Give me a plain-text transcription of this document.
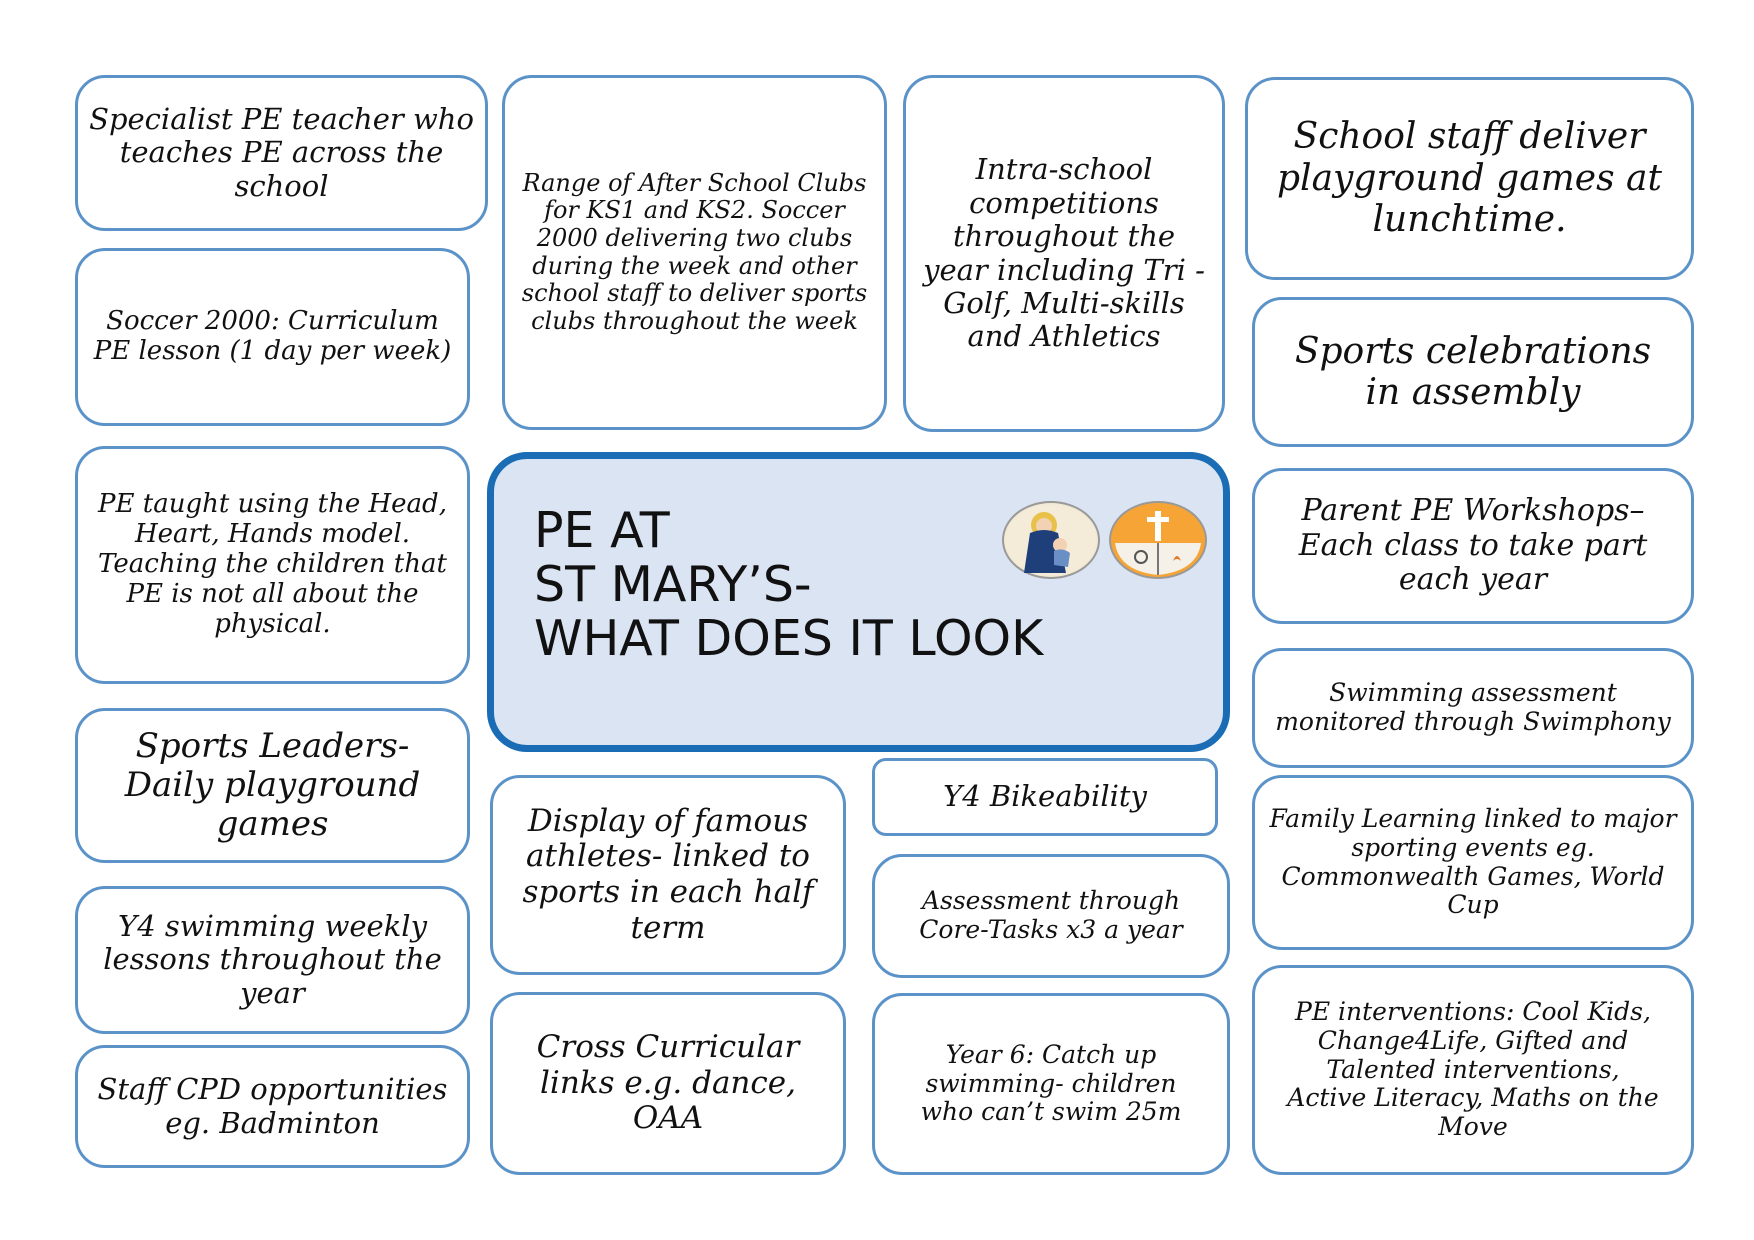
Specialist PE teacher who teaches PE across the school
Soccer 2000: Curriculum PE lesson (1 day per week)
PE taught using the Head, Heart, Hands model. Teaching the children that PE is not all about the physical.
Sports Leaders- Daily playground games
Y4 swimming weekly lessons throughout the year
Staff CPD opportunities eg. Badminton
Range of After School Clubs for KS1 and KS2. Soccer 2000 delivering two clubs during the week and other school staff to deliver sports clubs throughout the week
Intra-school competitions throughout the year including Tri - Golf, Multi-skills and Athletics
School staff deliver playground games at lunchtime.
Sports celebrations in assembly
Parent PE Workshops– Each class to take part each year
Swimming assessment monitored through Swimphony
Family Learning linked to major sporting events eg. Commonwealth Games, World Cup
PE interventions: Cool Kids, Change4Life, Gifted and Talented interventions, Active Literacy, Maths on the Move
PE AT
ST MARY’S-
WHAT DOES IT LOOK
Display of famous athletes- linked to sports in each half term
Cross Curricular links e.g. dance, OAA
Y4 Bikeability
Assessment through Core-Tasks x3 a year
Year 6: Catch up swimming- children who can’t swim 25m
